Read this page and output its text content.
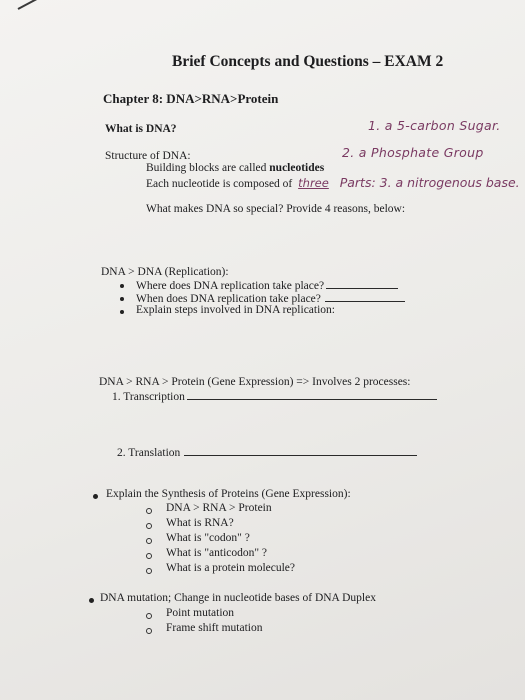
Brief Concepts and Questions – EXAM 2
Chapter 8: DNA>RNA>Protein
What is DNA?	1. a 5-carbon Sugar.
Structure of DNA:	2. a Phosphate Group
Building blocks are called nucleotides
Each nucleotide is composed of three Parts: 3. a nitrogenous base.
What makes DNA so special? Provide 4 reasons, below:
DNA > DNA (Replication):
Where does DNA replication take place?
When does DNA replication take place?
Explain steps involved in DNA replication:
DNA > RNA > Protein (Gene Expression) => Involves 2 processes:
1. Transcription
2. Translation
Explain the Synthesis of Proteins (Gene Expression):
DNA > RNA > Protein
What is RNA?
What is "codon" ?
What is "anticodon" ?
What is a protein molecule?
DNA mutation; Change in nucleotide bases of DNA Duplex
Point mutation
Frame shift mutation
